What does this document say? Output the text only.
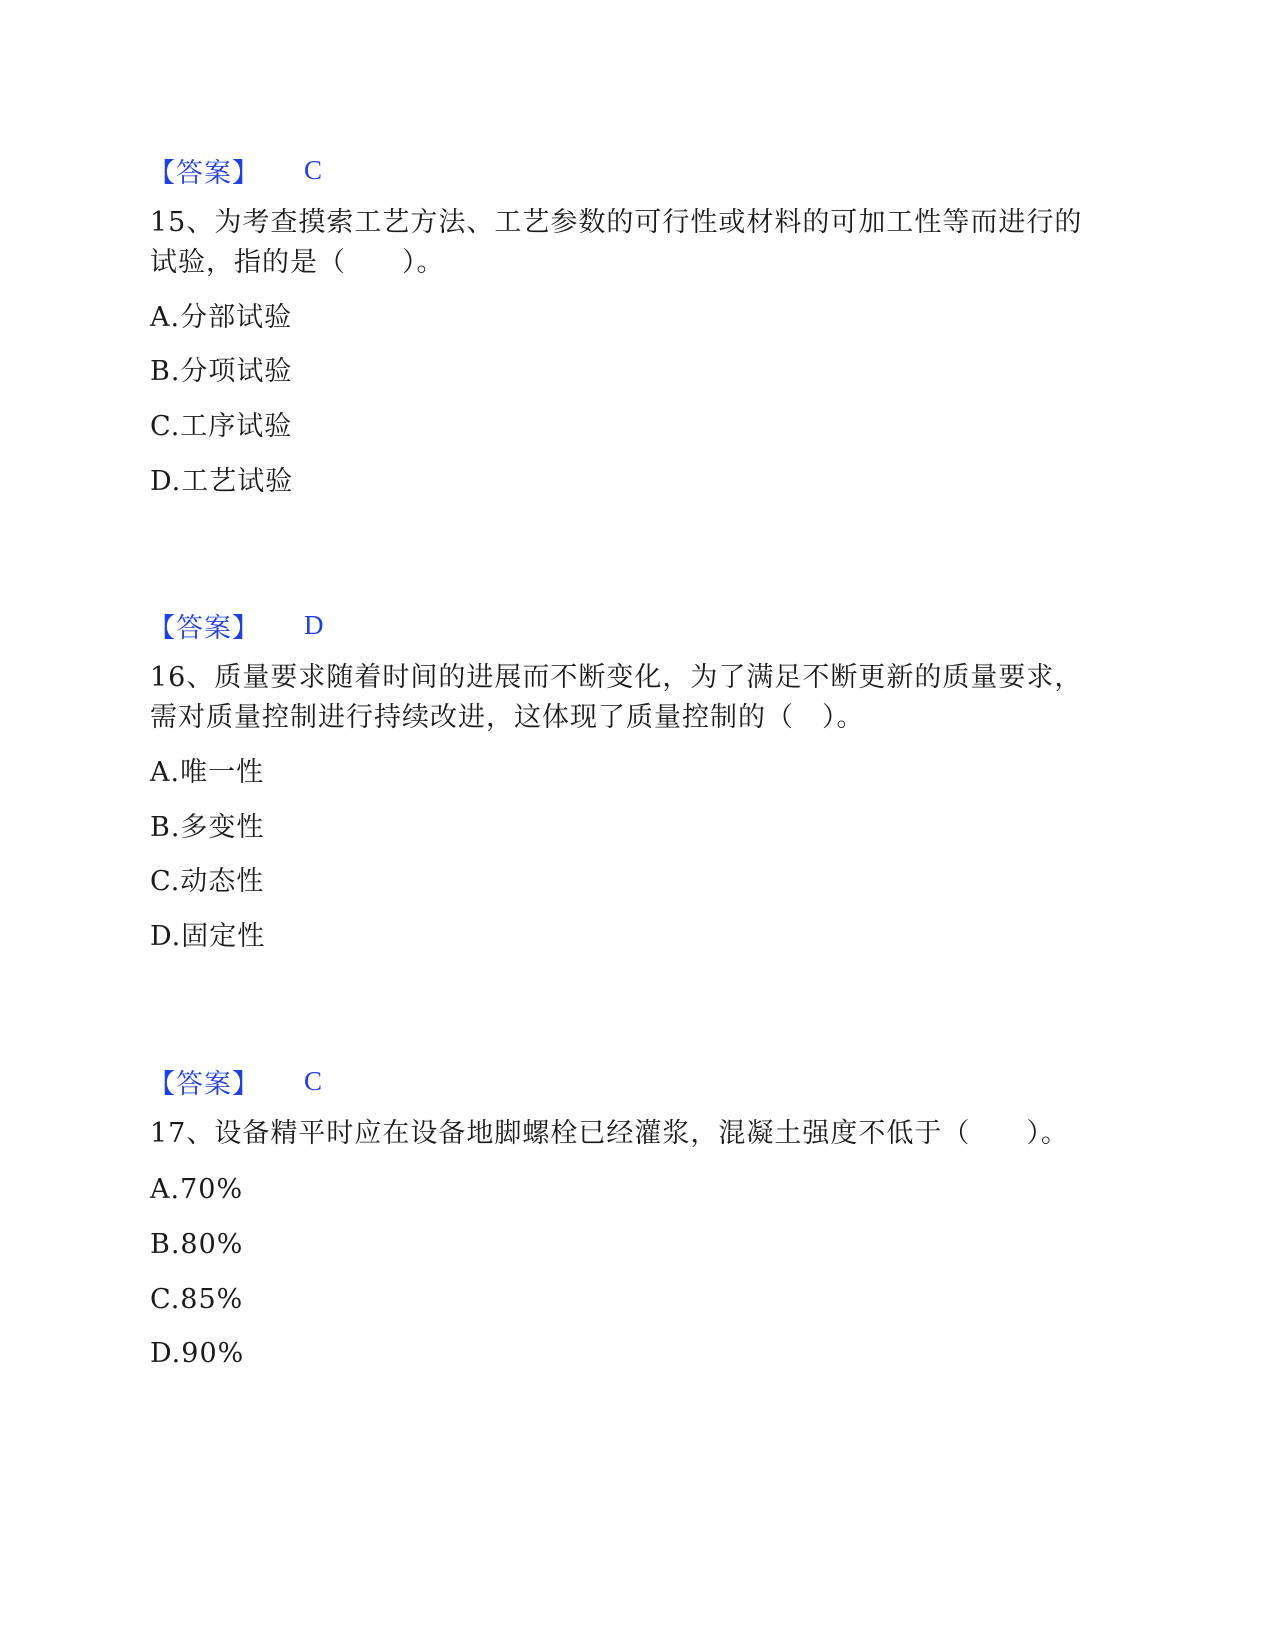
【答案】 C
15、为考查摸索工艺方法、工艺参数的可行性或材料的可加工性等而进行的试验，指的是（　　）。
A.分部试验
B.分项试验
C.工序试验
D.工艺试验
【答案】 D
16、质量要求随着时间的进展而不断变化，为了满足不断更新的质量要求，需对质量控制进行持续改进，这体现了质量控制的（　）。
A.唯一性
B.多变性
C.动态性
D.固定性
【答案】 C
17、设备精平时应在设备地脚螺栓已经灌浆，混凝土强度不低于（　　）。
A.70%
B.80%
C.85%
D.90%
